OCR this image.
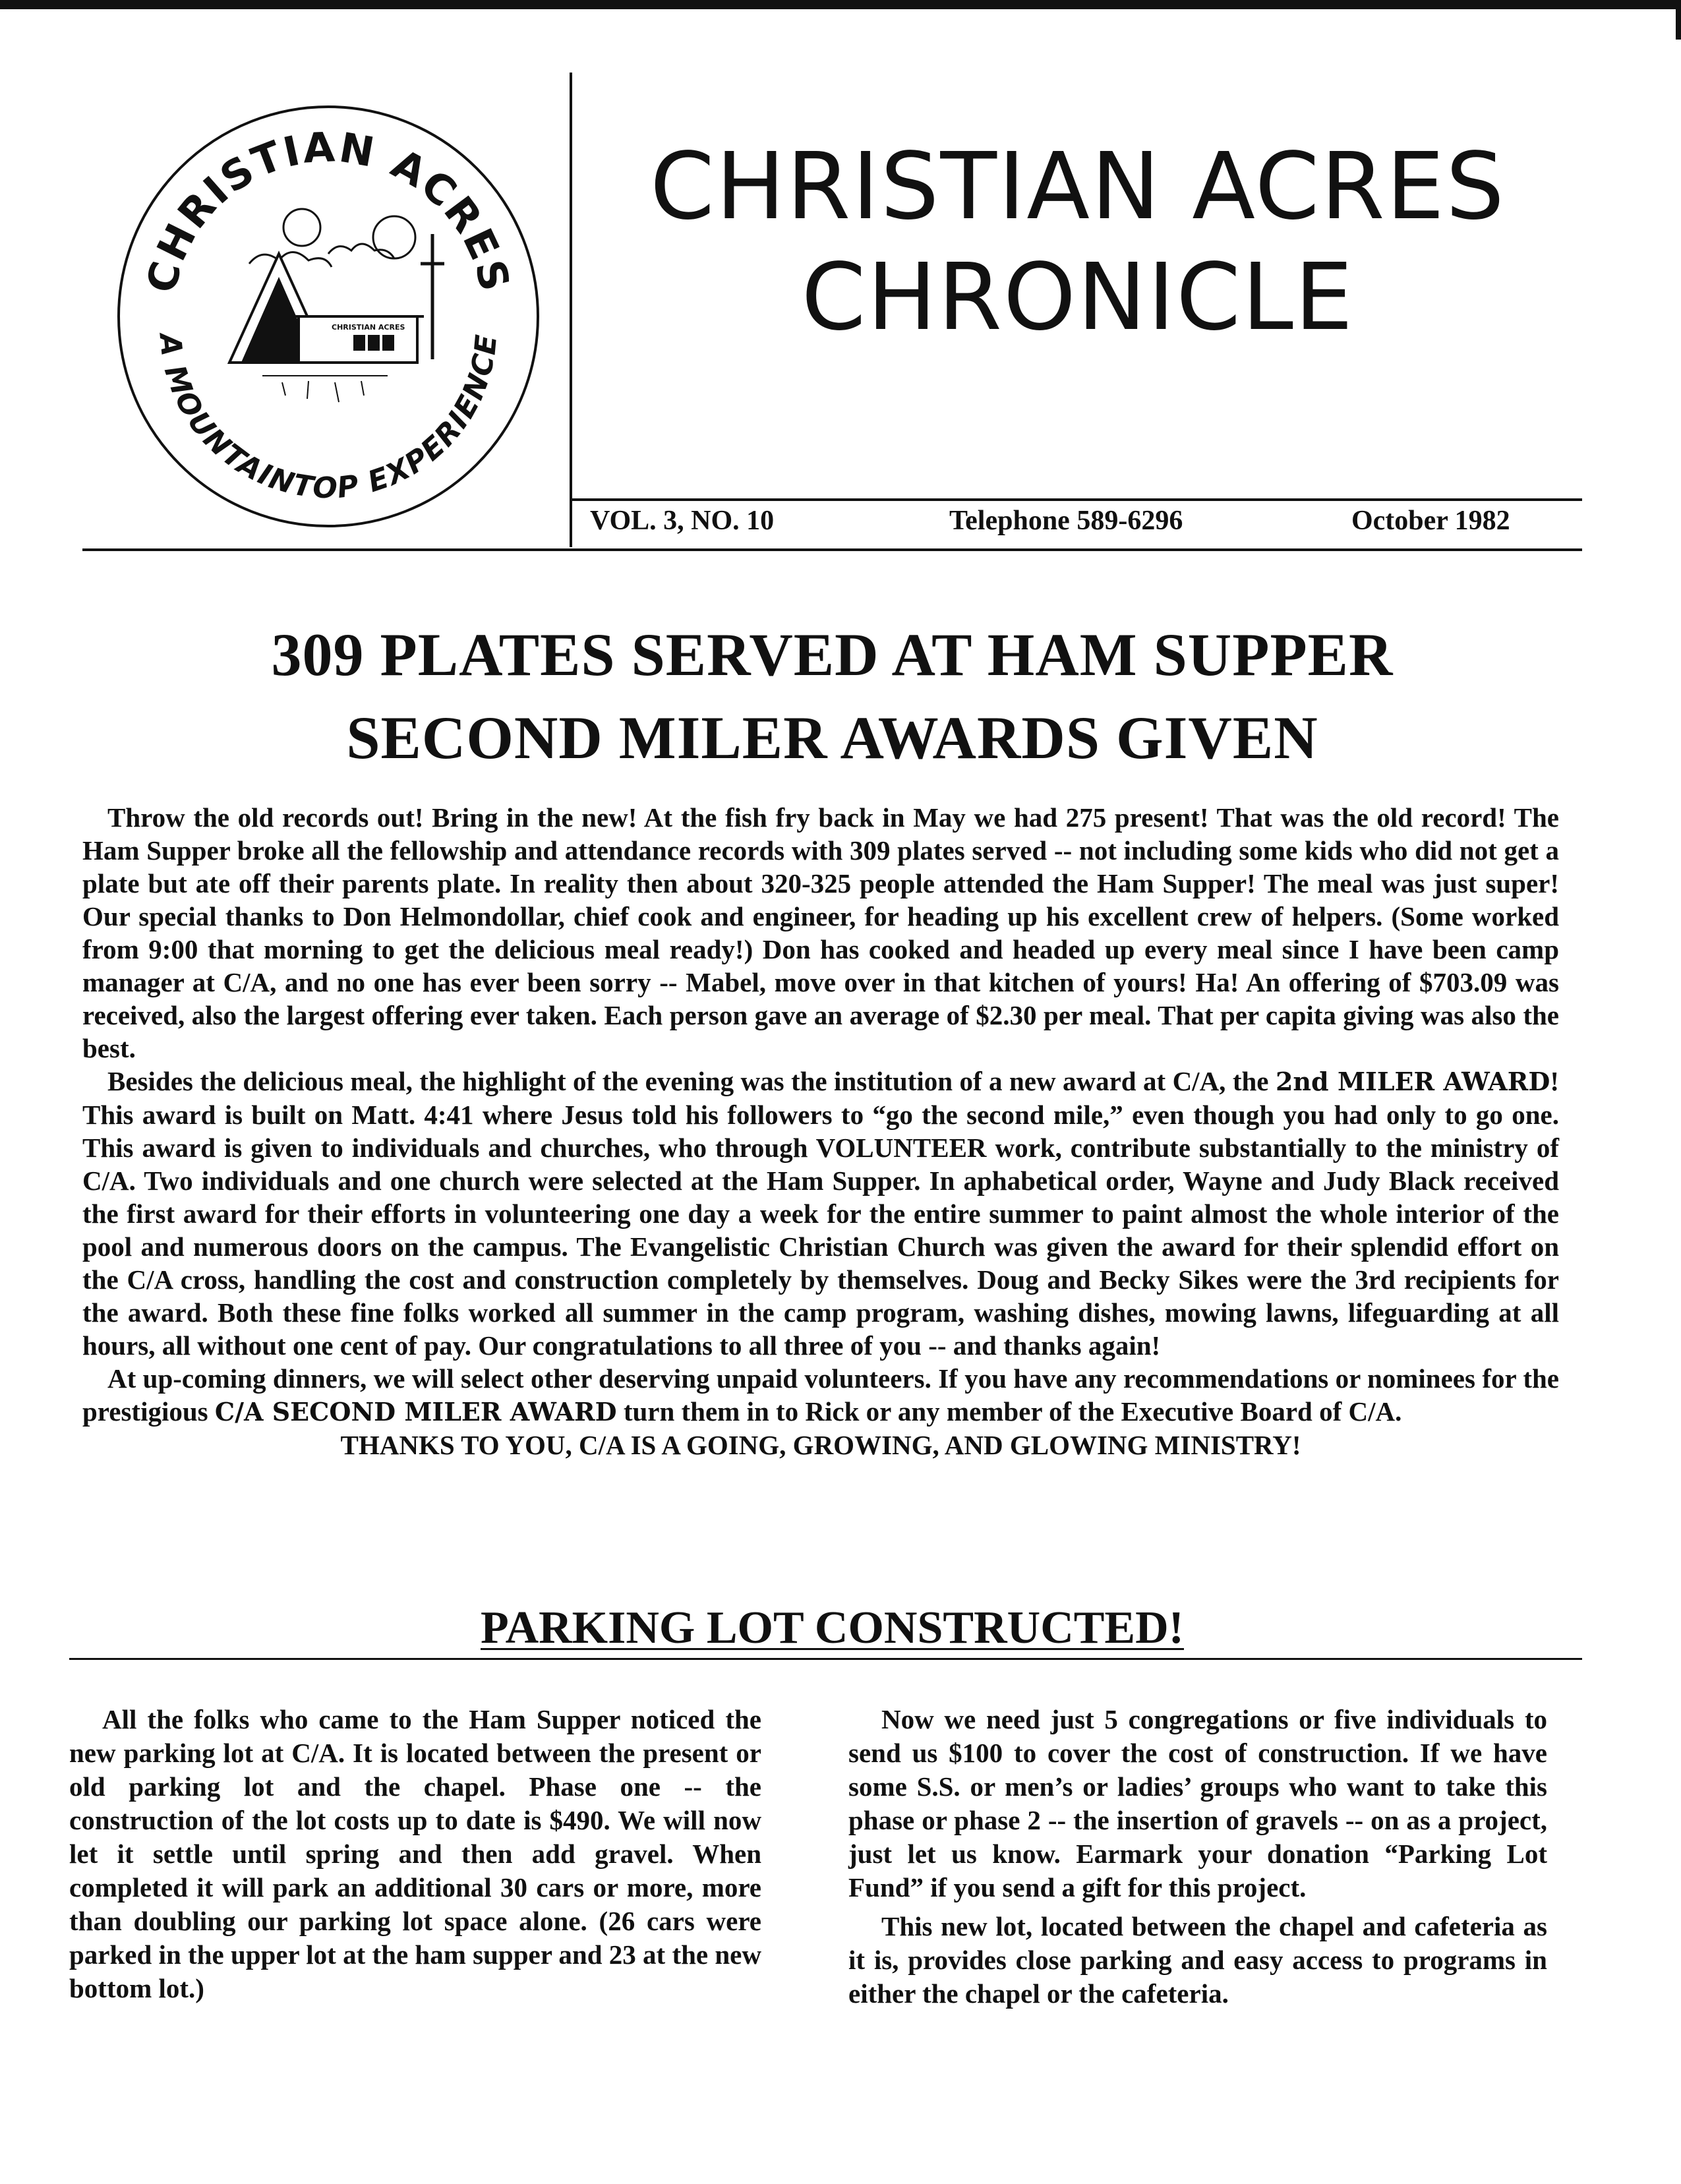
CHRISTIAN ACRES
A MOUNTAINTOP EXPERIENCE
CHRISTIAN ACRES
CHRISTIAN ACRES
CHRONICLE
VOL. 3, NO. 10	Telephone 589-6296	October 1982
309 PLATES SERVED AT HAM SUPPER
SECOND MILER AWARDS GIVEN

Throw the old records out! Bring in the new! At the fish fry back in May we had 275 present! That was the old record! The Ham Supper broke all the fellowship and attendance records with 309 plates served -- not including some kids who did not get a plate but ate off their parents plate. In reality then about 320-325 people attended the Ham Supper! The meal was just super! Our special thanks to Don Helmondollar, chief cook and engineer, for heading up his excellent crew of helpers. (Some worked from 9:00 that morning to get the delicious meal ready!) Don has cooked and headed up every meal since I have been camp manager at C/A, and no one has ever been sorry -- Mabel, move over in that kitchen of yours! Ha! An offering of $703.09 was received, also the largest offering ever taken. Each person gave an average of $2.30 per meal. That per capita giving was also the best.

Besides the delicious meal, the highlight of the evening was the institution of a new award at C/A, the 2nd MILER AWARD! This award is built on Matt. 4:41 where Jesus told his followers to “go the second mile,” even though you had only to go one. This award is given to individuals and churches, who through VOLUNTEER work, contribute substantially to the ministry of C/A. Two individuals and one church were selected at the Ham Supper. In aphabetical order, Wayne and Judy Black received the first award for their efforts in volunteering one day a week for the entire summer to paint almost the whole interior of the pool and numerous doors on the campus. The Evangelistic Christian Church was given the award for their splendid effort on the C/A cross, handling the cost and construction completely by themselves. Doug and Becky Sikes were the 3rd recipients for the award. Both these fine folks worked all summer in the camp program, washing dishes, mowing lawns, lifeguarding at all hours, all without one cent of pay. Our congratulations to all three of you -- and thanks again!

At up-coming dinners, we will select other deserving unpaid volunteers. If you have any recommendations or nominees for the prestigious C/A SECOND MILER AWARD turn them in to Rick or any member of the Executive Board of C/A.

THANKS TO YOU, C/A IS A GOING, GROWING, AND GLOWING MINISTRY!

PARKING LOT CONSTRUCTED!

All the folks who came to the Ham Supper noticed the new parking lot at C/A. It is located between the present or old parking lot and the chapel. Phase one -- the construction of the lot costs up to date is $490. We will now let it settle until spring and then add gravel. When completed it will park an additional 30 cars or more, more than doubling our parking lot space alone. (26 cars were parked in the upper lot at the ham supper and 23 at the new bottom lot.)

Now we need just 5 congregations or five individuals to send us $100 to cover the cost of construction. If we have some S.S. or men’s or ladies’ groups who want to take this phase or phase 2 -- the insertion of gravels -- on as a project, just let us know. Earmark your donation “Parking Lot Fund” if you send a gift for this project.

This new lot, located between the chapel and cafeteria as it is, provides close parking and easy access to programs in either the chapel or the cafeteria.
